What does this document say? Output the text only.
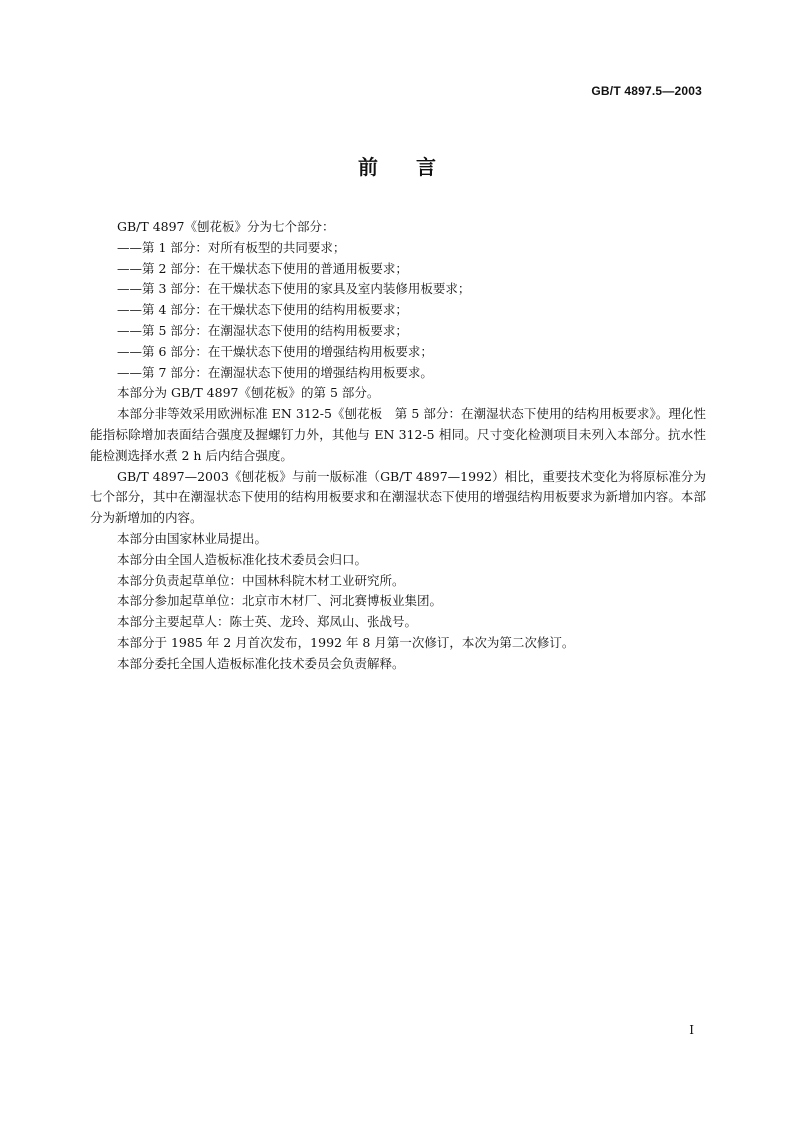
GB/T 4897.5—2003
前言

GB/T 4897《刨花板》分为七个部分：

——第 1 部分：对所有板型的共同要求；

——第 2 部分：在干燥状态下使用的普通用板要求；

——第 3 部分：在干燥状态下使用的家具及室内装修用板要求；

——第 4 部分：在干燥状态下使用的结构用板要求；

——第 5 部分：在潮湿状态下使用的结构用板要求；

——第 6 部分：在干燥状态下使用的增强结构用板要求；

——第 7 部分：在潮湿状态下使用的增强结构用板要求。

本部分为 GB/T 4897《刨花板》的第 5 部分。

本部分非等效采用欧洲标准 EN 312-5《刨花板　第 5 部分：在潮湿状态下使用的结构用板要求》。理化性能指标除增加表面结合强度及握螺钉力外，其他与 EN 312-5 相同。尺寸变化检测项目未列入本部分。抗水性能检测选择水煮 2 h 后内结合强度。

GB/T 4897—2003《刨花板》与前一版标准（GB/T 4897—1992）相比，重要技术变化为将原标准分为七个部分，其中在潮湿状态下使用的结构用板要求和在潮湿状态下使用的增强结构用板要求为新增加内容。本部分为新增加的内容。

本部分由国家林业局提出。

本部分由全国人造板标准化技术委员会归口。

本部分负责起草单位：中国林科院木材工业研究所。

本部分参加起草单位：北京市木材厂、河北赛博板业集团。

本部分主要起草人：陈士英、龙玲、郑凤山、张战号。

本部分于 1985 年 2 月首次发布，1992 年 8 月第一次修订，本次为第二次修订。

本部分委托全国人造板标准化技术委员会负责解释。

I
